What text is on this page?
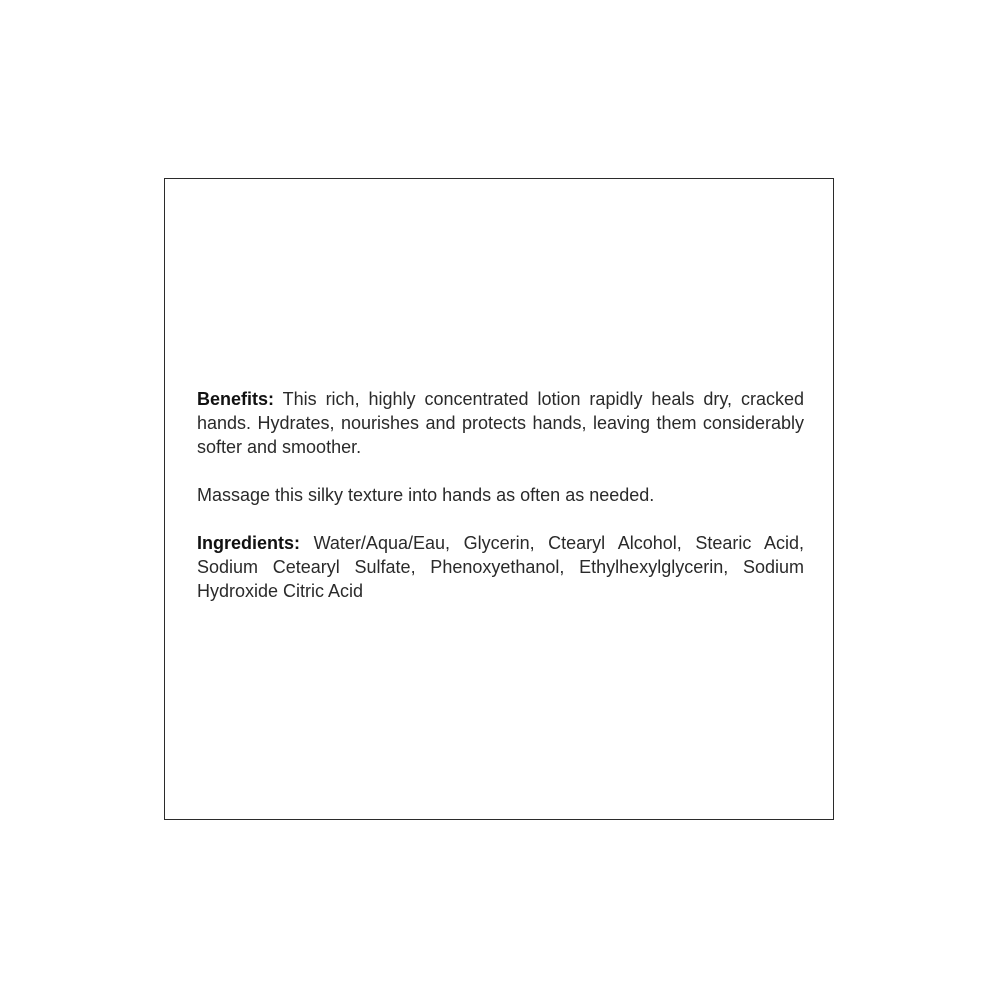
Benefits: This rich, highly concentrated lotion rapidly heals dry, cracked hands. Hydrates, nourishes and protects hands, leaving them considerably softer and smoother.

Massage this silky texture into hands as often as needed.

Ingredients: Water/Aqua/Eau, Glycerin, Ctearyl Alcohol, Stearic Acid, Sodium Cetearyl Sulfate, Phenoxyethanol, Ethylhexylglycerin, Sodium Hydroxide Citric Acid
